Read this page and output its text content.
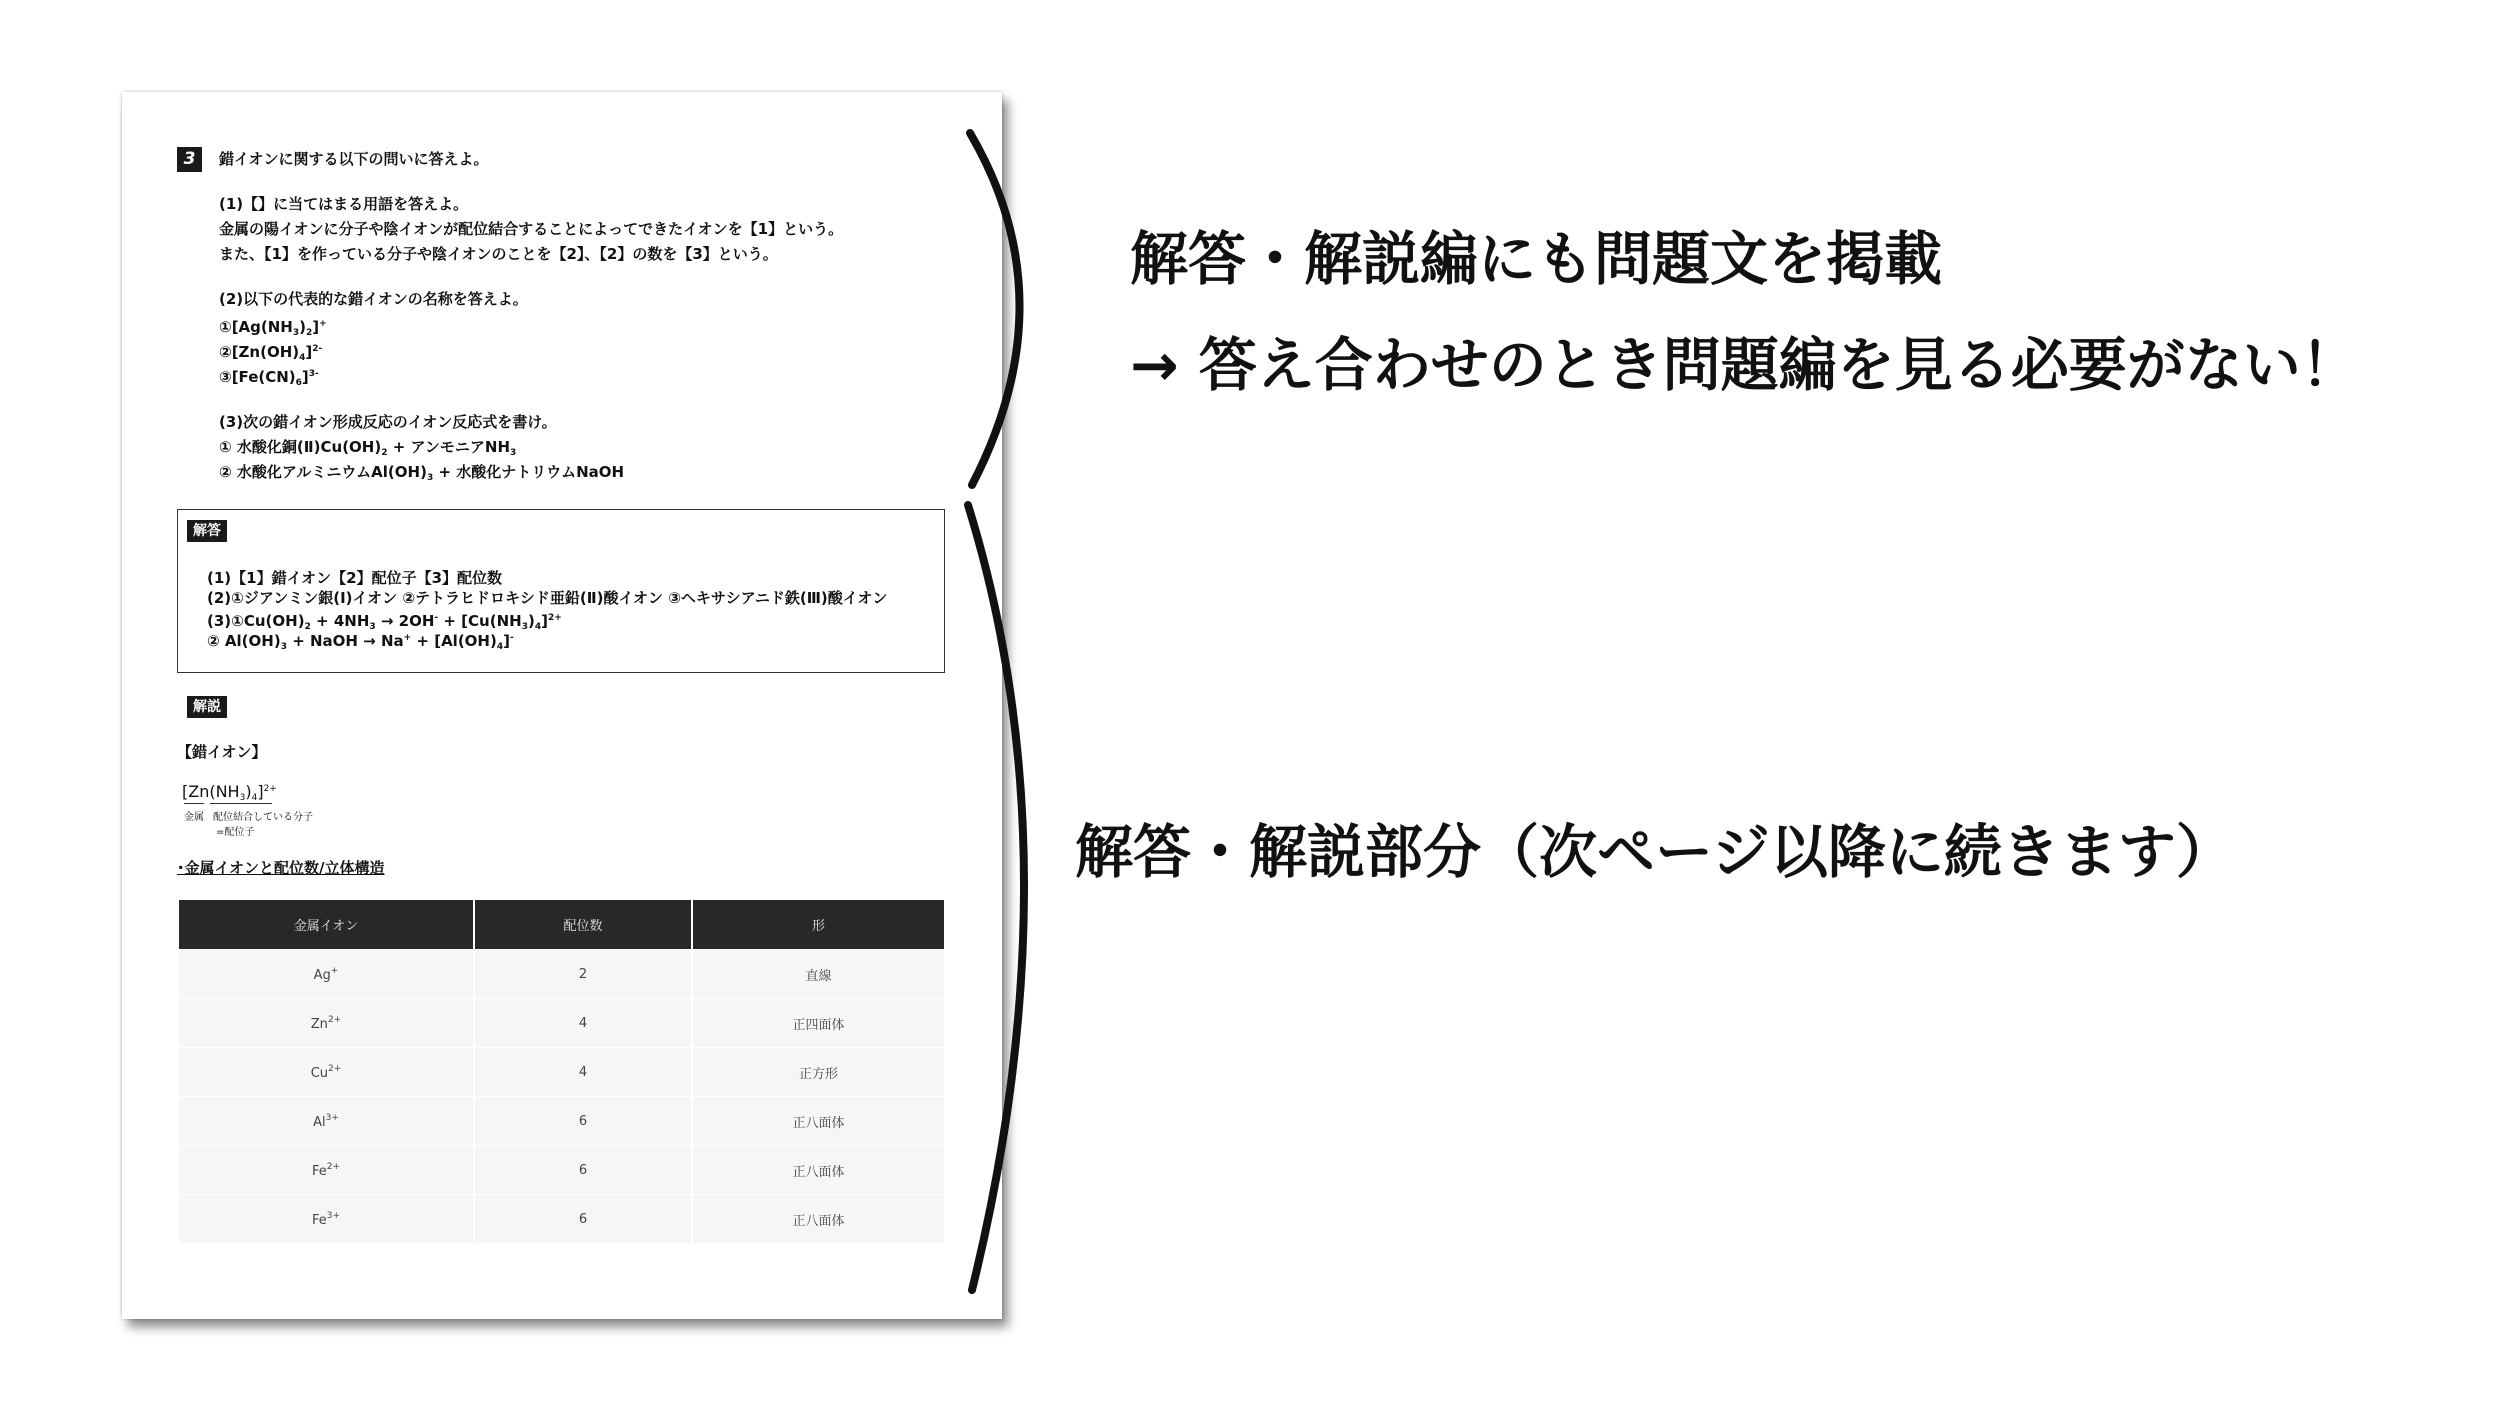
3	錯イオンに関する以下の問いに答えよ。
(1)【】に当てはまる用語を答えよ。
金属の陽イオンに分子や陰イオンが配位結合することによってできたイオンを【1】という。
また、【1】を作っている分子や陰イオンのことを【2】、【2】の数を【3】という。
(2)以下の代表的な錯イオンの名称を答えよ。
$①[Ag(NH_3)_2]^+$
$②[Zn(OH)_4]^{2-}$
$③[Fe(CN)_6]^{3-}$
(3)次の錯イオン形成反応のイオン反応式を書け。
① 水酸化銅$(Ⅱ)Cu(OH)_2$ + アンモニア$NH_3$
② 水酸化アルミニウム$Al(OH)_3$ + 水酸化ナトリウムNaOH
解答
(1)【1】錯イオン【2】配位子【3】配位数
(2)①ジアンミン銀(Ⅰ)イオン ②テトラヒドロキシド亜鉛(Ⅱ)酸イオン ③ヘキサシアニド鉄(Ⅲ)酸イオン
$(3)①Cu(OH)_2 + 4NH_3 \to 2OH^- + [Cu(NH_3)_4]^{2+}$
② $Al(OH)_3$ + NaOH → $Na^+ + [Al(OH)_4]^-$
解説
【錯イオン】
$[Zn(NH_3)_4]^{2+}$
金属 配位結合している分子
=配位子
･金属イオンと配位数/立体構造
金属イオン	配位数	形
Ag+	2	直線
$Zn^{2+}$	4	正四面体
$Cu^{2+}$	4	正方形
$Al^{3+}$	6	正八面体
$Fe^{2+}$	6	正八面体
$Fe^{3+}$	6	正八面体
解答・解説編にも問題文を掲載
→ 答え合わせのとき問題編を見る必要がない！
解答・解説部分（次ページ以降に続きます）
